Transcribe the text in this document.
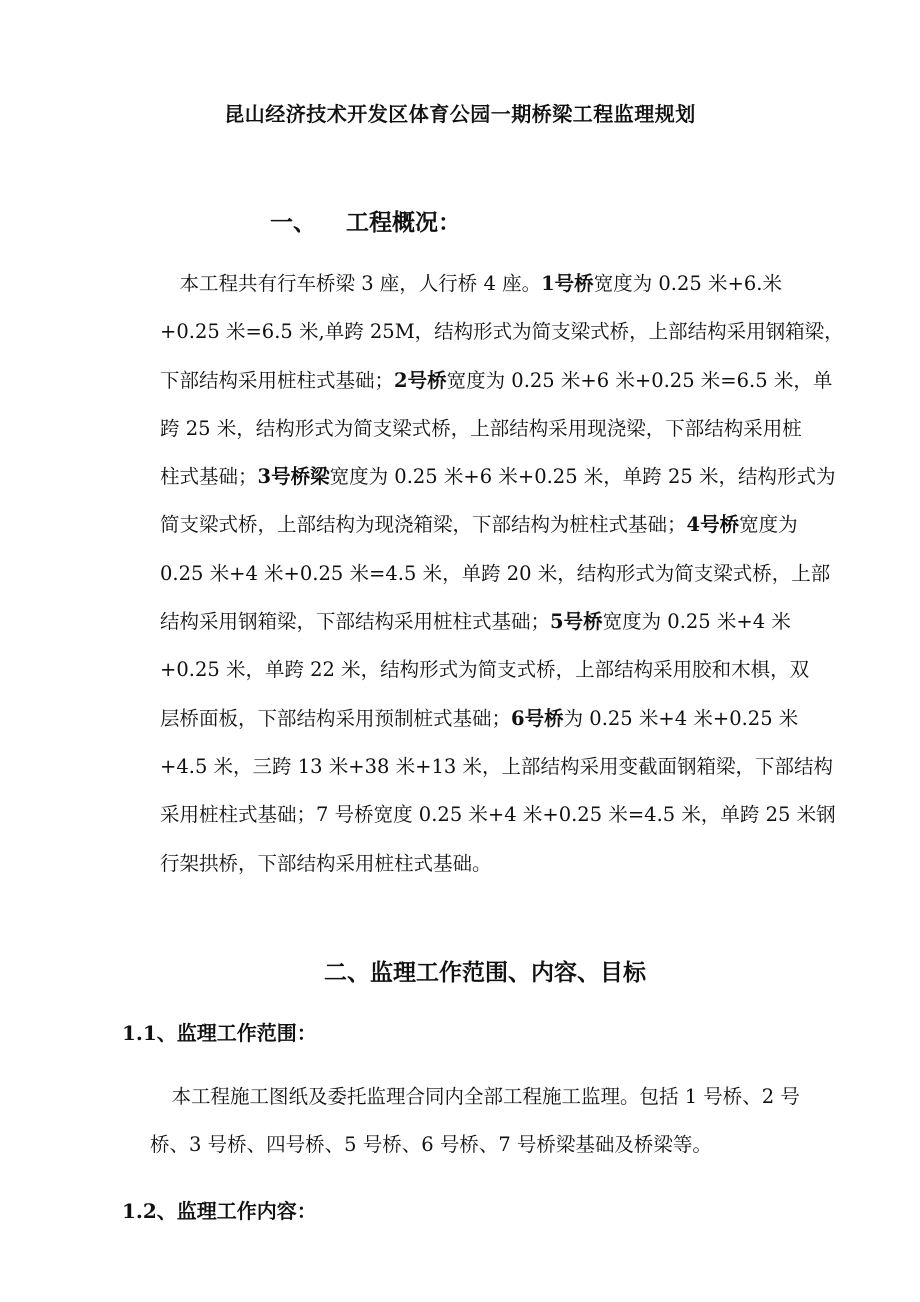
昆山经济技术开发区体育公园一期桥梁工程监理规划
一、 工程概况：
　本工程共有行车桥梁 3 座，人行桥 4 座。1号桥宽度为 0.25 米+6.米
+0.25 米=6.5 米,单跨 25M，结构形式为简支梁式桥，上部结构采用钢箱梁，
下部结构采用桩柱式基础；2号桥宽度为 0.25 米+6 米+0.25 米=6.5 米，单
跨 25 米，结构形式为简支梁式桥，上部结构采用现浇梁，下部结构采用桩
柱式基础；3号桥梁宽度为 0.25 米+6 米+0.25 米，单跨 25 米，结构形式为
简支梁式桥，上部结构为现浇箱梁，下部结构为桩柱式基础；4号桥宽度为
0.25 米+4 米+0.25 米=4.5 米，单跨 20 米，结构形式为简支梁式桥，上部
结构采用钢箱梁，下部结构采用桩柱式基础；5号桥宽度为 0.25 米+4 米
+0.25 米，单跨 22 米，结构形式为简支式桥，上部结构采用胶和木椇，双
层桥面板，下部结构采用预制桩式基础；6号桥为 0.25 米+4 米+0.25 米
+4.5 米，三跨 13 米+38 米+13 米，上部结构采用变截面钢箱梁，下部结构
采用桩柱式基础；7 号桥宽度 0.25 米+4 米+0.25 米=4.5 米，单跨 25 米钢
行架拱桥，下部结构采用桩柱式基础。
二、监理工作范围、内容、目标
1.1、监理工作范围：
　本工程施工图纸及委托监理合同内全部工程施工监理。包括 1 号桥、2 号
桥、3 号桥、四号桥、5 号桥、6 号桥、7 号桥梁基础及桥梁等。
1.2、监理工作内容：
